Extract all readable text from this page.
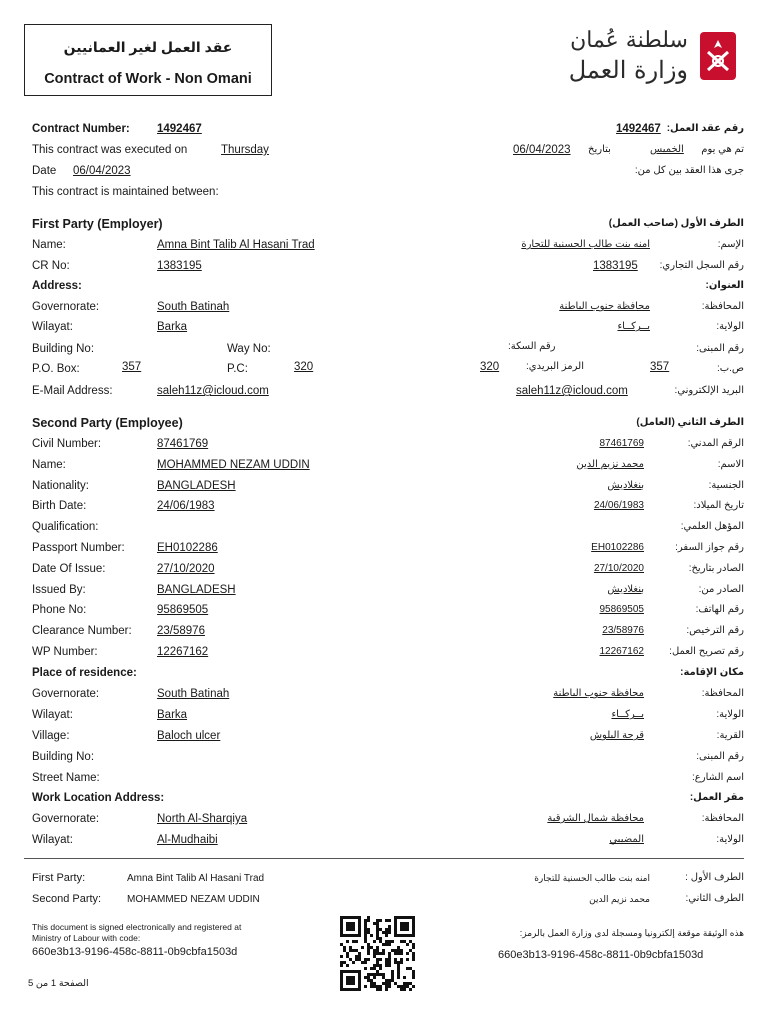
عقد العمل لغير العمانيين
Contract of Work - Non Omani
سلطنة عُمان
وزارة العمل
Contract Number: 1492467	1492467 رقم عقد العمل:
This contract was executed on	Thursday	06/04/2023 بتاريخ	الخميس تم هي يوم
Date 06/04/2023	جرى هذا العقد بين كل من:
This contract is maintained between:
First Party (Employer)	الطرف الأول (صاحب العمل)
Name:	Amna Bint Talib Al Hasani Trad	امنه بنت طالب الحسنية للتجارة	الإسم:
CR No:	1383195	1383195 رقم السجل التجاري:
Address:	العنوان:
Governorate:	South Batinah	محافظة جنوب الباطنة	المحافظة:
Wilayat:	Barka	بــركــاء	الولاية:
Building No:	Way No:	رقم السكة:	رقم المبنى:
P.O. Box:	357	P.C:	320	320	الرمز البريدي:	357	ص.ب:
E-Mail Address:	saleh11z@icloud.com	saleh11z@icloud.com	البريد الإلكتروني:
Second Party (Employee)	الطرف الثاني (العامل)
Civil Number:	87461769	87461769	الرقم المدني:
Name:	MOHAMMED NEZAM UDDIN	محمد نزيم الدين	الاسم:
Nationality:	BANGLADESH	بنغلاديش	الجنسية:
Birth Date:	24/06/1983	24/06/1983	تاريخ الميلاد:
Qualification:	المؤهل العلمي:
Passport Number:	EH0102286	EH0102286	رقم جواز السفر:
Date Of Issue:	27/10/2020	27/10/2020	الصادر بتاريخ:
Issued By:	BANGLADESH	بنغلاديش	الصادر من:
Phone No:	95869505	95869505	رقم الهاتف:
Clearance Number: 23/58976	23/58976	رقم الترخيص:
WP Number:	12267162	12267162	رقم تصريح العمل:
Place of residence:	مكان الإقامة:
Governorate:	South Batinah	محافظة جنوب الباطنة	المحافظة:
Wilayat:	Barka	بــركــاء	الولاية:
Village:	Baloch ulcer	قرحة البلوش	القرية:
Building No:	رقم المبنى:
Street Name:	اسم الشارع:
Work Location Address:	مقر العمل:
Governorate:	North Al-Sharqiya	محافظة شمال الشرقية	المحافظة:
Wilayat:	Al-Mudhaibi	المضيبي	الولاية:
First Party:	Amna Bint Talib Al Hasani Trad	امنه بنت طالب الحسنية للتجارة	الطرف الأول :
Second Party:	MOHAMMED NEZAM UDDIN	محمد نزيم الدين	الطرف الثاني:
This document is signed electronically and registered at
Ministry of Labour with code:
660e3b13-9196-458c-8811-0b9cbfa1503d
هذه الوثيقة موقعة إلكترونيا ومسجلة لدى وزارة العمل بالرمز:
660e3b13-9196-458c-8811-0b9cbfa1503d
الصفحة 1 من 5
